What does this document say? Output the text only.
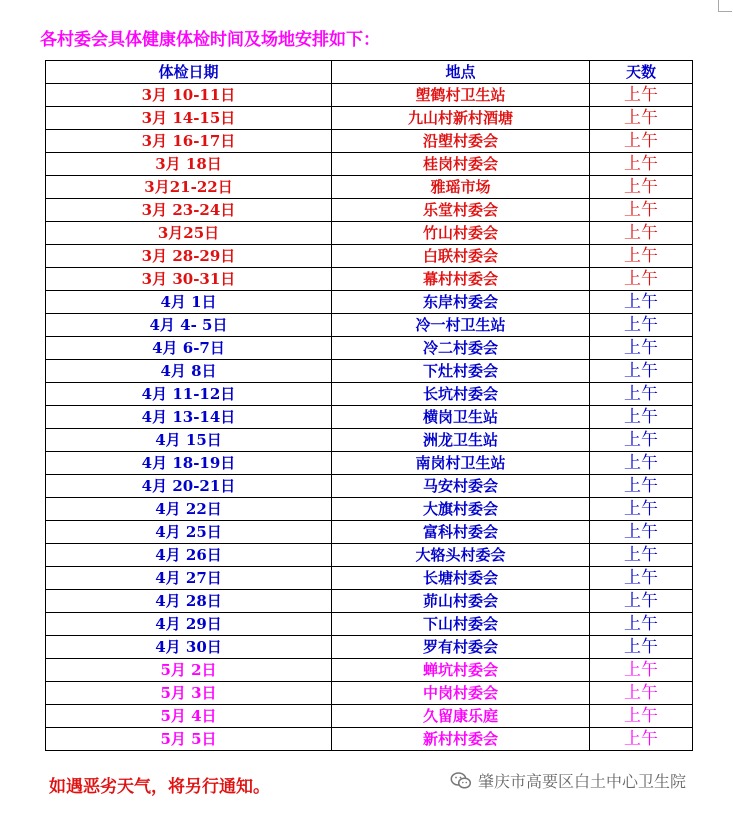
各村委会具体健康体检时间及场地安排如下：
体检日期	地点	天数
3月 10-11日	塱鹤村卫生站	上午
3月 14-15日	九山村新村酒塘	上午
3月 16-17日	沿塱村委会	上午
3月 18日	桂岗村委会	上午
3月21-22日	雅瑶市场	上午
3月 23-24日	乐堂村委会	上午
3月25日	竹山村委会	上午
3月 28-29日	白联村委会	上午
3月 30-31日	幕村村委会	上午
4月 1日	东岸村委会	上午
4月 4- 5日	冷一村卫生站	上午
4月 6-7日	冷二村委会	上午
4月 8日	下灶村委会	上午
4月 11-12日	长坑村委会	上午
4月 13-14日	横岗卫生站	上午
4月 15日	洲龙卫生站	上午
4月 18-19日	南岗村卫生站	上午
4月 20-21日	马安村委会	上午
4月 22日	大旗村委会	上午
4月 25日	富科村委会	上午
4月 26日	大辂头村委会	上午
4月 27日	长塘村委会	上午
4月 28日	茆山村委会	上午
4月 29日	下山村委会	上午
4月 30日	罗有村委会	上午
5月 2日	蝉坑村委会	上午
5月 3日	中岗村委会	上午
5月 4日	久留康乐庭	上午
5月 5日	新村村委会	上午
如遇恶劣天气，将另行通知。	肇庆市高要区白土中心卫生院
